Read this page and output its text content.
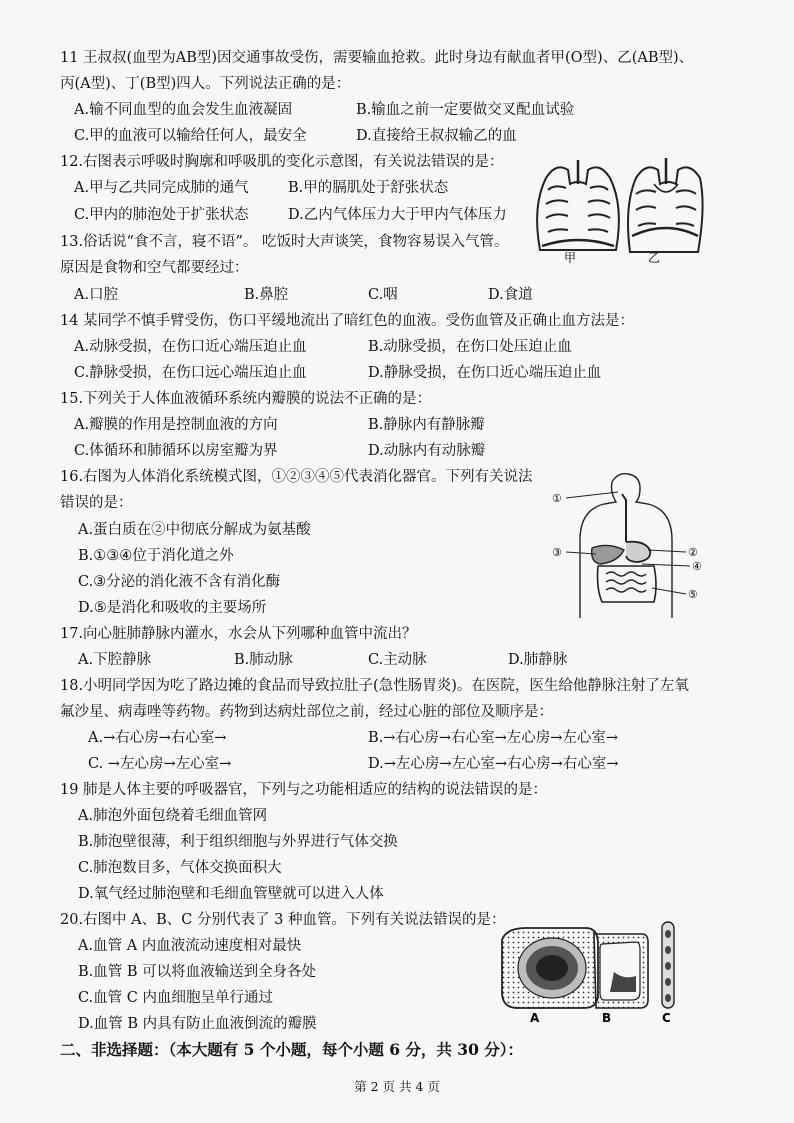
11 王叔叔(血型为AB型)因交通事故受伤，需要输血抢救。此时身边有献血者甲(O型)、乙(AB型)、
丙(A型)、丁(B型)四人。下列说法正确的是：
A.输不同血型的血会发生血液凝固	B.输血之前一定要做交叉配血试验
C.甲的血液可以输给任何人，最安全	D.直接给王叔叔输乙的血
12.右图表示呼吸时胸廓和呼吸肌的变化示意图，有关说法错误的是：
A.甲与乙共同完成肺的通气	B.甲的膈肌处于舒张状态
C.甲内的肺泡处于扩张状态	D.乙内气体压力大于甲内气体压力
甲	乙
13.俗话说“食不言，寝不语”。 吃饭时大声谈笑，食物容易误入气管。
原因是食物和空气都要经过：
A.口腔	B.鼻腔	C.咽	D.食道
14 某同学不慎手臂受伤，伤口平缓地流出了暗红色的血液。受伤血管及正确止血方法是：
A.动脉受损，在伤口近心端压迫止血	B.动脉受损，在伤口处压迫止血
C.静脉受损，在伤口远心端压迫止血	D.静脉受损，在伤口近心端压迫止血
15.下列关于人体血液循环系统内瓣膜的说法不正确的是：
A.瓣膜的作用是控制血液的方向	B.静脉内有静脉瓣
C.体循环和肺循环以房室瓣为界	D.动脉内有动脉瓣
16.右图为人体消化系统模式图，①②③④⑤代表消化器官。下列有关说法
错误的是：
A.蛋白质在②中彻底分解成为氨基酸
B.①③④位于消化道之外
C.③分泌的消化液不含有消化酶
D.⑤是消化和吸收的主要场所
①
②
③
④
⑤
17.向心脏肺静脉内灌水，水会从下列哪种血管中流出？
A.下腔静脉	B.肺动脉	C.主动脉	D.肺静脉
18.小明同学因为吃了路边摊的食品而导致拉肚子(急性肠胃炎)。在医院，医生给他静脉注射了左氧
氟沙星、病毒唑等药物。药物到达病灶部位之前，经过心脏的部位及顺序是：
A.→右心房→右心室→	B.→右心房→右心室→左心房→左心室→
C. →左心房→左心室→	D.→左心房→左心室→右心房→右心室→
19 肺是人体主要的呼吸器官，下列与之功能相适应的结构的说法错误的是：
A.肺泡外面包绕着毛细血管网
B.肺泡壁很薄，利于组织细胞与外界进行气体交换
C.肺泡数目多，气体交换面积大
D.氧气经过肺泡壁和毛细血管壁就可以进入人体
20.右图中 A、B、C 分别代表了 3 种血管。下列有关说法错误的是：
A.血管 A 内血液流动速度相对最快
B.血管 B 可以将血液输送到全身各处
C.血管 C 内血细胞呈单行通过
D.血管 B 内具有防止血液倒流的瓣膜	A	B	C
二、非选择题：（本大题有 5 个小题，每个小题 6 分，共 30 分）：
第 2 页 共 4 页
